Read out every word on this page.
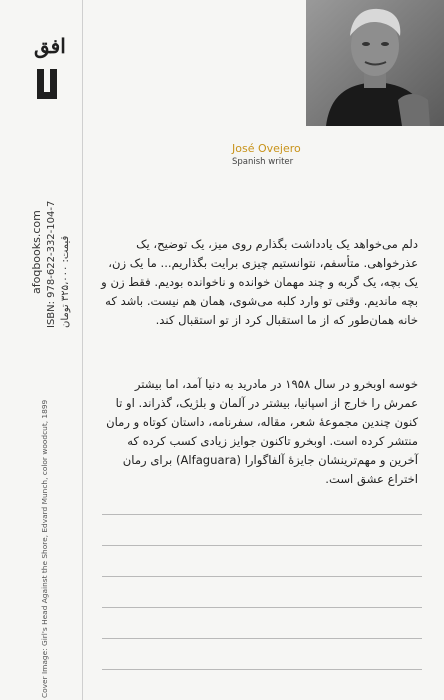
افق
afoqbooks.com ISBN: 978-622-332-104-7 قیمت: ۳۲۵،۰۰۰ تومان
Cover Image: Girl's Head Against the Shore, Edvard Munch, color woodcut, 1899
José Ovejero
Spanish writer
دلم می‌خواهد یک یادداشت بگذارم روی میز، یک توضیح، یک عذرخواهی. متأسفم، نتوانستیم چیزی برایت بگذاریم... ما یک زن، یک بچه، یک گربه و چند مهمان خوانده و ناخوانده بودیم. فقط زن و بچه ماندیم. وقتی تو وارد کلبه می‌شوی، همان هم نیست. باشد که خانه همان‌طور که از ما استقبال کرد از تو استقبال کند.
خوسه اوبخرو در سال ۱۹۵۸ در مادرید به دنیا آمد، اما بیشتر عمرش را خارج از اسپانیا، بیشتر در آلمان و بلژیک، گذراند. او تا کنون چندین مجموعهٔ شعر، مقاله، سفرنامه، داستان کوتاه و رمان منتشر کرده است. اوبخرو تاکنون جوایز زیادی کسب کرده که آخرین و مهم‌ترینشان جایزهٔ آلفاگوارا (Alfaguara) برای رمان اختراع عشق است.
